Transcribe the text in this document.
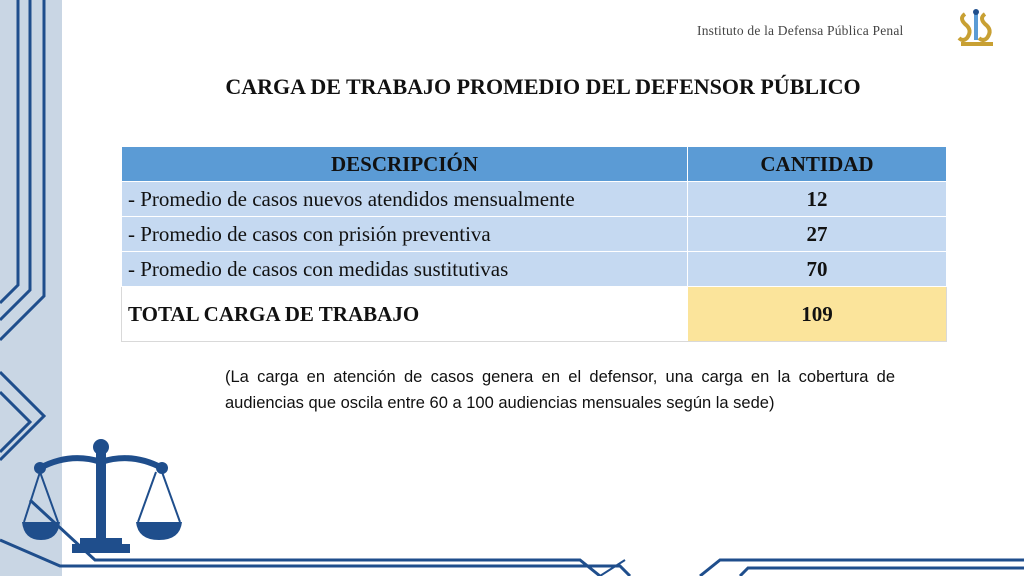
Instituto de la Defensa Pública Penal
CARGA DE TRABAJO PROMEDIO DEL DEFENSOR PÚBLICO
DESCRIPCIÓN	CANTIDAD
- Promedio de casos nuevos atendidos mensualmente	12
- Promedio de casos con prisión preventiva	27
- Promedio de casos con medidas sustitutivas	70
TOTAL CARGA DE TRABAJO	109
(La carga en atención de casos genera en el defensor, una carga en la cobertura de audiencias que oscila entre 60 a 100 audiencias mensuales según la sede)
